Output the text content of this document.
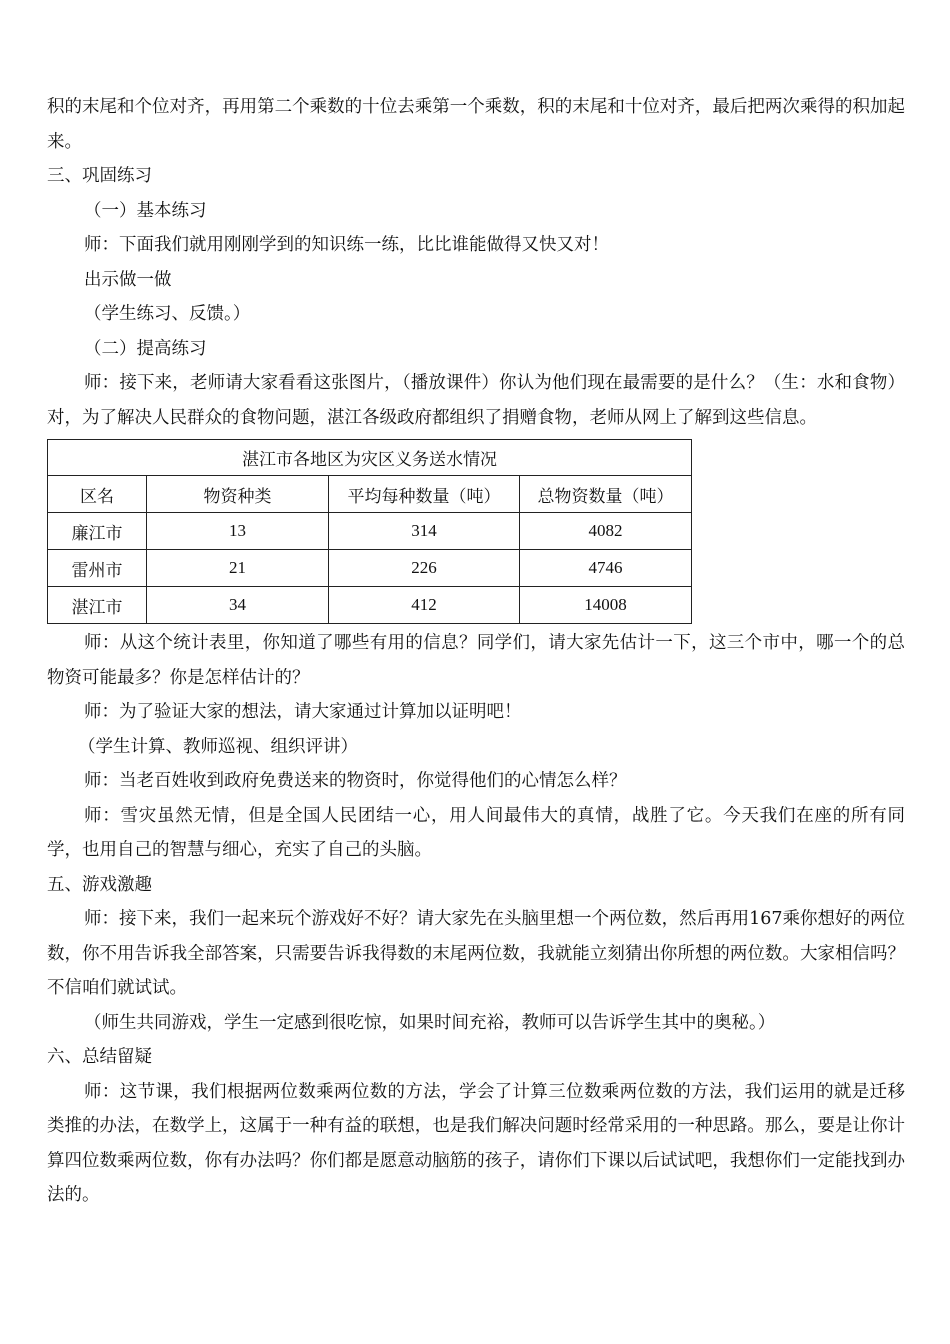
积的末尾和个位对齐，再用第二个乘数的十位去乘第一个乘数，积的末尾和十位对齐，最后把两次乘得的积加起来。

三、巩固练习

（一）基本练习

师：下面我们就用刚刚学到的知识练一练，比比谁能做得又快又对！

出示做一做

（学生练习、反馈。）

（二）提高练习

师：接下来，老师请大家看看这张图片，（播放课件）你认为他们现在最需要的是什么？（生：水和食物）对，为了解决人民群众的食物问题，湛江各级政府都组织了捐赠食物，老师从网上了解到这些信息。

湛江市各地区为灾区义务送水情况			
区名	物资种类	平均每种数量（吨）	总物资数量（吨）
廉江市	13	314	4082
雷州市	21	226	4746
湛江市	34	412	14008

师：从这个统计表里，你知道了哪些有用的信息？同学们，请大家先估计一下，这三个市中，哪一个的总物资可能最多？你是怎样估计的？

师：为了验证大家的想法，请大家通过计算加以证明吧！

（学生计算、教师巡视、组织评讲）

师：当老百姓收到政府免费送来的物资时，你觉得他们的心情怎么样？

师：雪灾虽然无情，但是全国人民团结一心，用人间最伟大的真情，战胜了它。今天我们在座的所有同学，也用自己的智慧与细心，充实了自己的头脑。

五、游戏激趣

师：接下来，我们一起来玩个游戏好不好？请大家先在头脑里想一个两位数，然后再用167乘你想好的两位数，你不用告诉我全部答案，只需要告诉我得数的末尾两位数，我就能立刻猜出你所想的两位数。大家相信吗？不信咱们就试试。

（师生共同游戏，学生一定感到很吃惊，如果时间充裕，教师可以告诉学生其中的奥秘。）

六、总结留疑

师：这节课，我们根据两位数乘两位数的方法，学会了计算三位数乘两位数的方法，我们运用的就是迁移类推的办法，在数学上，这属于一种有益的联想，也是我们解决问题时经常采用的一种思路。那么，要是让你计算四位数乘两位数，你有办法吗？你们都是愿意动脑筋的孩子，请你们下课以后试试吧，我想你们一定能找到办法的。
